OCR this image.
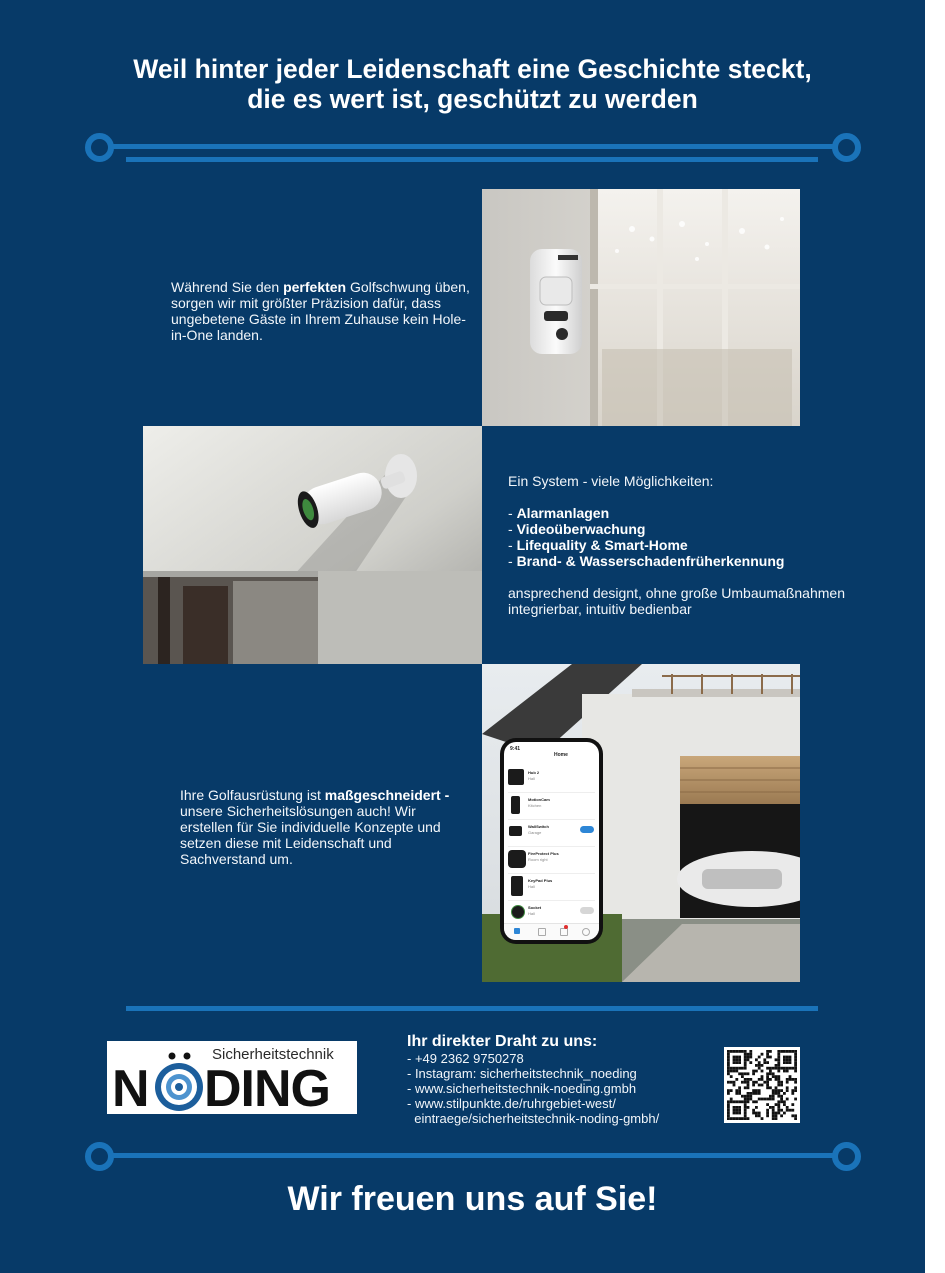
Weil hinter jeder Leidenschaft eine Geschichte steckt,
die es wert ist, geschützt zu werden
Während Sie den perfekten Golfschwung üben, sorgen wir mit größter Präzision dafür, dass ungebetene Gäste in Ihrem Zuhause kein Hole-in-One landen.
Ein System - viele Möglichkeiten:
- Alarmanlagen
- Videoüberwachung
- Lifequality & Smart-Home
- Brand- & Wasserschadenfrüherkennung
ansprechend designt, ohne große Umbaumaßnahmen integrierbar, intuitiv bedienbar
9:41
Home
Hub 2
Hall
MotionCam
Kitchen
WallSwitch
Garage
FireProtect Plus
Room right
KeyPad Plus
Hall
Socket
Hall
Ihre Golfausrüstung ist maßgeschneidert - unsere Sicherheitslösungen auch! Wir erstellen für Sie individuelle Konzepte und setzen diese mit Leidenschaft und Sachverstand um.
Sicherheitstechnik
N DING
Ihr direkter Draht zu uns:
- +49 2362 9750278
- Instagram: sicherheitstechnik_noeding
- www.sicherheitstechnik-noeding.gmbh
- www.stilpunkte.de/ruhrgebiet-west/
eintraege/sicherheitstechnik-noding-gmbh/
Wir freuen uns auf Sie!
